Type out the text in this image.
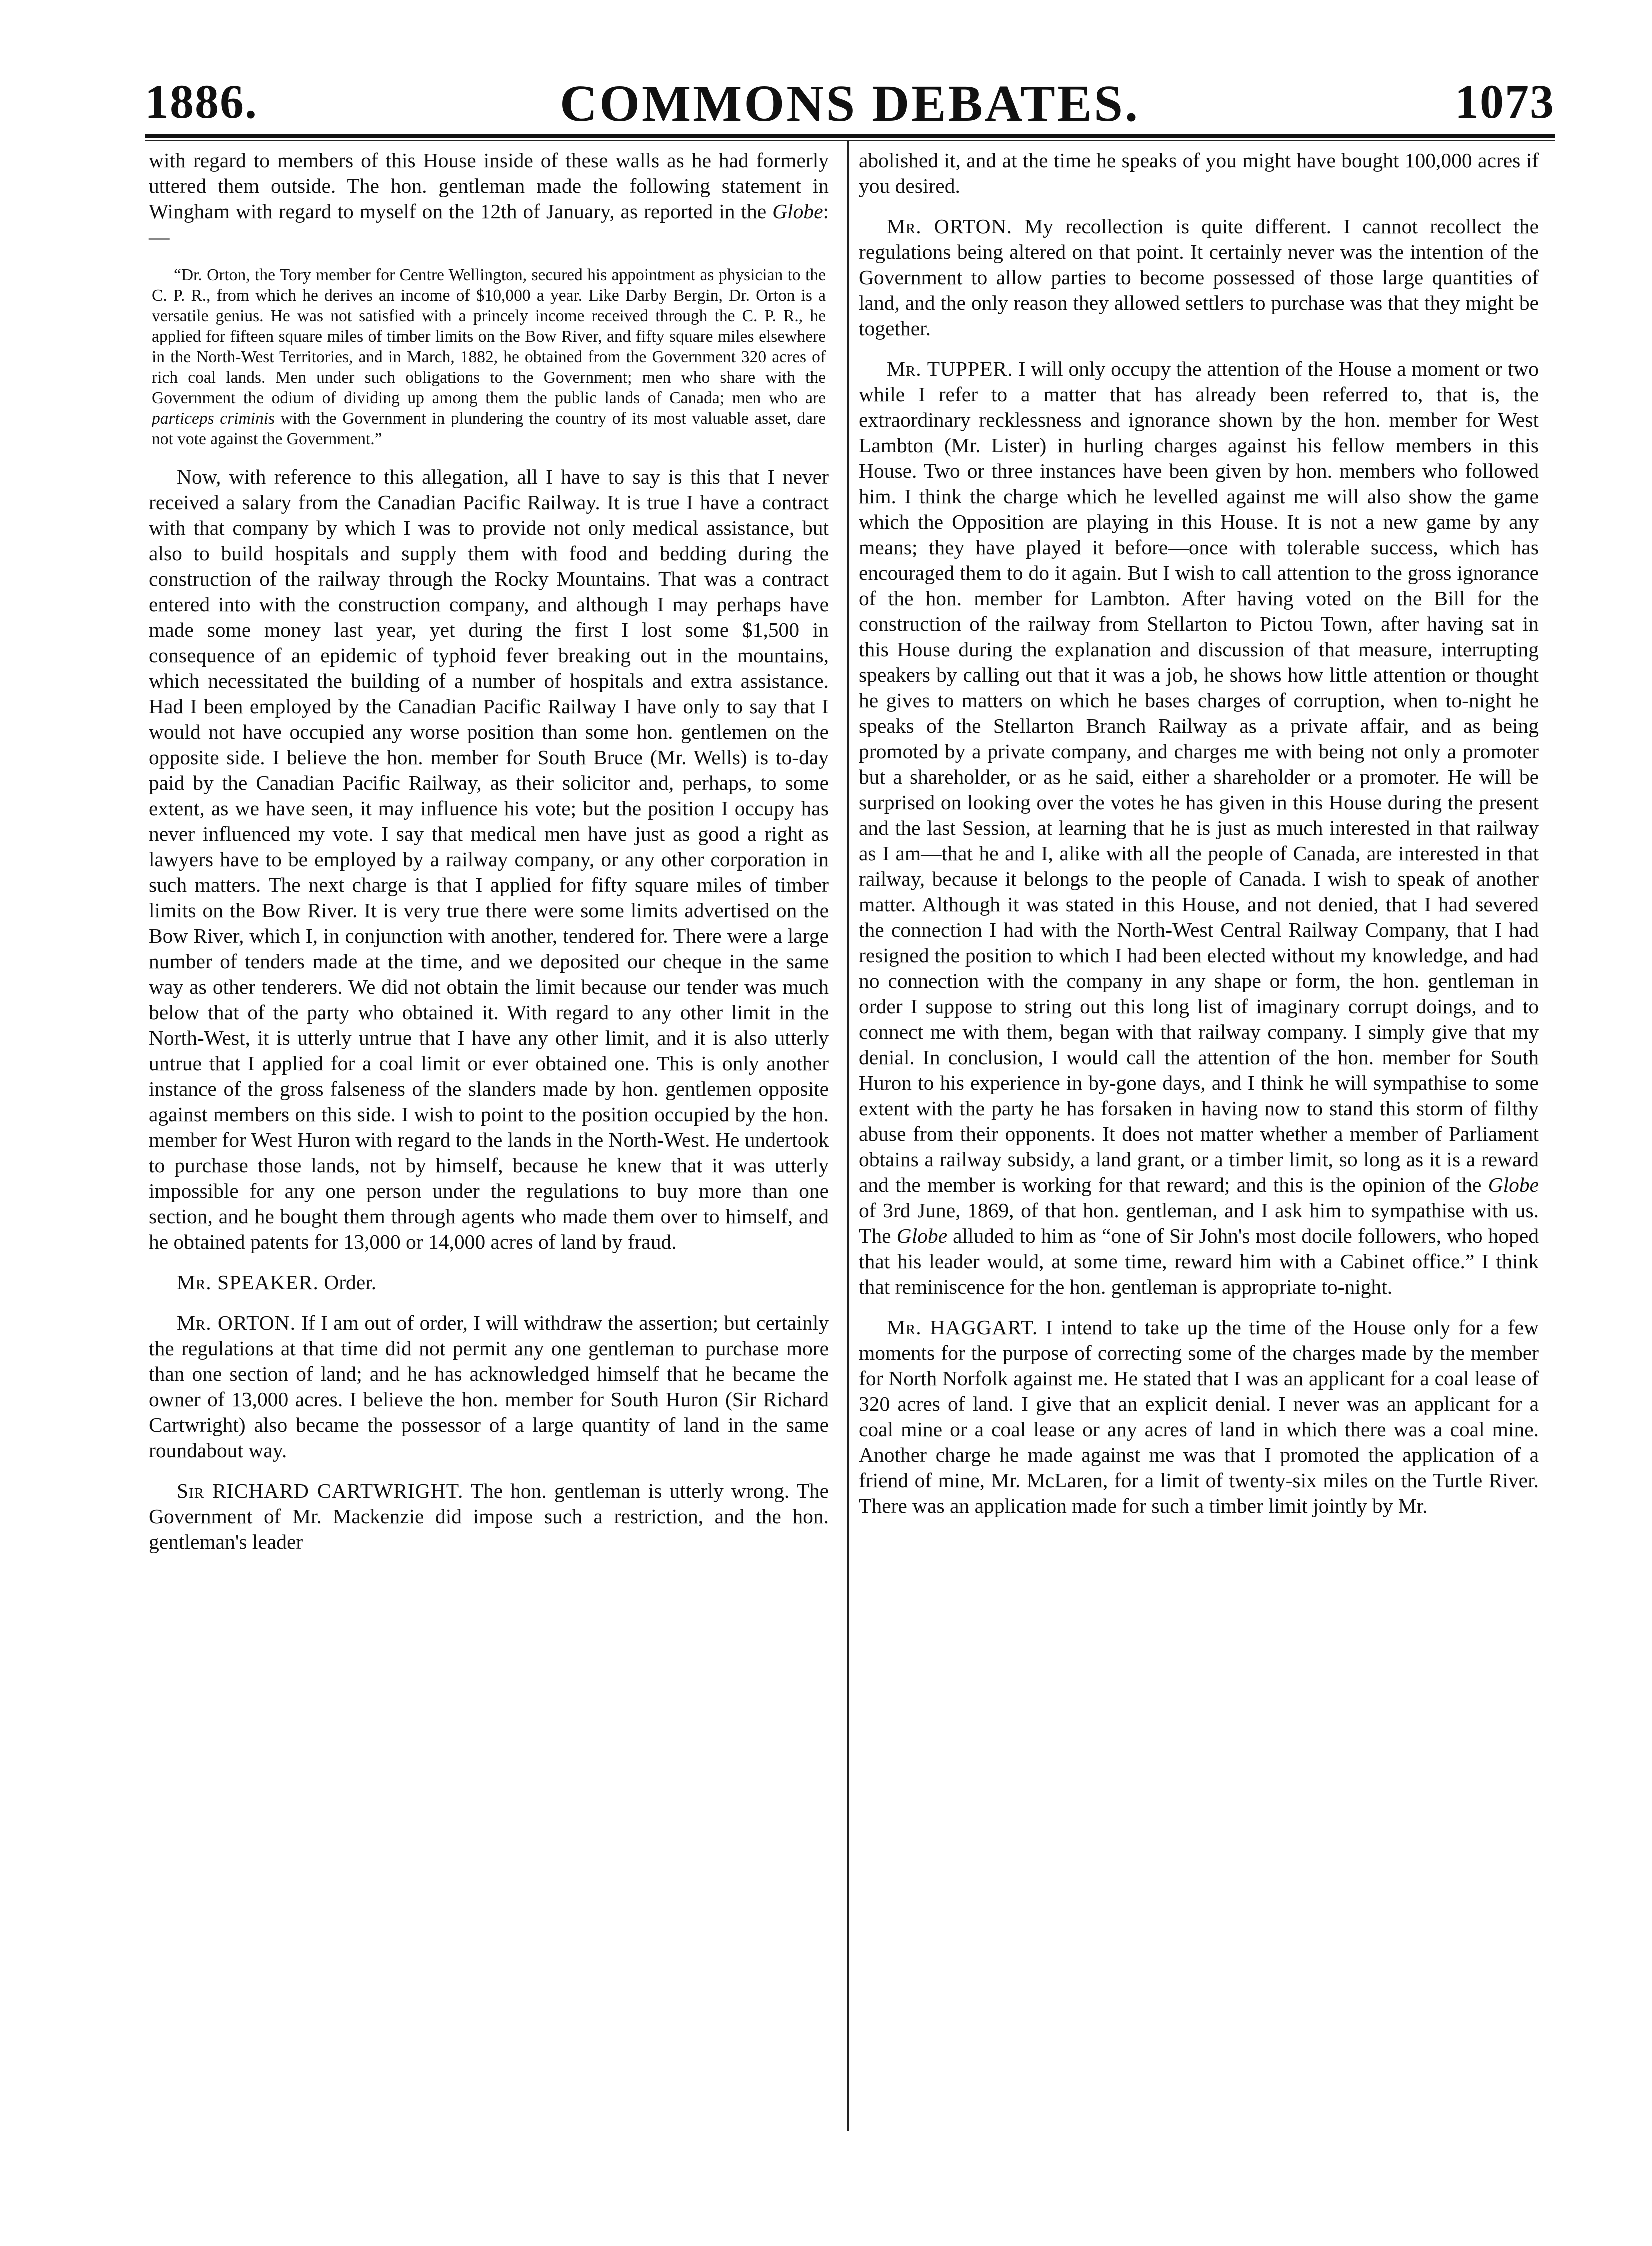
1886.	COMMONS DEBATES.	1073

with regard to members of this House inside of these walls as he had formerly uttered them outside. The hon. gentleman made the following statement in Wingham with regard to myself on the 12th of January, as reported in the Globe:—

“Dr. Orton, the Tory member for Centre Wellington, secured his appointment as physician to the C. P. R., from which he derives an income of $10,000 a year. Like Darby Bergin, Dr. Orton is a versatile genius. He was not satisfied with a princely income received through the C. P. R., he applied for fifteen square miles of timber limits on the Bow River, and fifty square miles elsewhere in the North-West Territories, and in March, 1882, he obtained from the Government 320 acres of rich coal lands. Men under such obligations to the Government; men who share with the Government the odium of dividing up among them the public lands of Canada; men who are particeps criminis with the Government in plundering the country of its most valuable asset, dare not vote against the Government.”

Now, with reference to this allegation, all I have to say is this that I never received a salary from the Canadian Pacific Railway. It is true I have a contract with that company by which I was to provide not only medical assistance, but also to build hospitals and supply them with food and bedding during the construction of the railway through the Rocky Mountains. That was a contract entered into with the construction company, and although I may perhaps have made some money last year, yet during the first I lost some $1,500 in consequence of an epidemic of typhoid fever breaking out in the mountains, which necessitated the building of a number of hospitals and extra assistance. Had I been employed by the Canadian Pacific Railway I have only to say that I would not have occupied any worse position than some hon. gentlemen on the opposite side. I believe the hon. member for South Bruce (Mr. Wells) is to-day paid by the Canadian Pacific Railway, as their solicitor and, perhaps, to some extent, as we have seen, it may influence his vote; but the position I occupy has never influenced my vote. I say that medical men have just as good a right as lawyers have to be employed by a railway company, or any other corporation in such matters. The next charge is that I applied for fifty square miles of timber limits on the Bow River. It is very true there were some limits advertised on the Bow River, which I, in conjunction with another, tendered for. There were a large number of tenders made at the time, and we deposited our cheque in the same way as other tenderers. We did not obtain the limit because our tender was much below that of the party who obtained it. With regard to any other limit in the North-West, it is utterly untrue that I have any other limit, and it is also utterly untrue that I applied for a coal limit or ever obtained one. This is only another instance of the gross falseness of the slanders made by hon. gentlemen opposite against members on this side. I wish to point to the position occupied by the hon. member for West Huron with regard to the lands in the North-West. He undertook to purchase those lands, not by himself, because he knew that it was utterly impossible for any one person under the regulations to buy more than one section, and he bought them through agents who made them over to himself, and he obtained patents for 13,000 or 14,000 acres of land by fraud.

Mr. SPEAKER. Order.

Mr. ORTON. If I am out of order, I will withdraw the assertion; but certainly the regulations at that time did not permit any one gentleman to purchase more than one section of land; and he has acknowledged himself that he became the owner of 13,000 acres. I believe the hon. member for South Huron (Sir Richard Cartwright) also became the possessor of a large quantity of land in the same roundabout way.

Sir RICHARD CARTWRIGHT. The hon. gentleman is utterly wrong. The Government of Mr. Mackenzie did impose such a restriction, and the hon. gentleman's leader

abolished it, and at the time he speaks of you might have bought 100,000 acres if you desired.

Mr. ORTON. My recollection is quite different. I cannot recollect the regulations being altered on that point. It certainly never was the intention of the Government to allow parties to become possessed of those large quantities of land, and the only reason they allowed settlers to purchase was that they might be together.

Mr. TUPPER. I will only occupy the attention of the House a moment or two while I refer to a matter that has already been referred to, that is, the extraordinary recklessness and ignorance shown by the hon. member for West Lambton (Mr. Lister) in hurling charges against his fellow members in this House. Two or three instances have been given by hon. members who followed him. I think the charge which he levelled against me will also show the game which the Opposition are playing in this House. It is not a new game by any means; they have played it before—once with tolerable success, which has encouraged them to do it again. But I wish to call attention to the gross ignorance of the hon. member for Lambton. After having voted on the Bill for the construction of the railway from Stellarton to Pictou Town, after having sat in this House during the explanation and discussion of that measure, interrupting speakers by calling out that it was a job, he shows how little attention or thought he gives to matters on which he bases charges of corruption, when to-night he speaks of the Stellarton Branch Railway as a private affair, and as being promoted by a private company, and charges me with being not only a promoter but a shareholder, or as he said, either a shareholder or a promoter. He will be surprised on looking over the votes he has given in this House during the present and the last Session, at learning that he is just as much interested in that railway as I am—that he and I, alike with all the people of Canada, are interested in that railway, because it belongs to the people of Canada. I wish to speak of another matter. Although it was stated in this House, and not denied, that I had severed the connection I had with the North-West Central Railway Company, that I had resigned the position to which I had been elected without my knowledge, and had no connection with the company in any shape or form, the hon. gentleman in order I suppose to string out this long list of imaginary corrupt doings, and to connect me with them, began with that railway company. I simply give that my denial. In conclusion, I would call the attention of the hon. member for South Huron to his experience in by-gone days, and I think he will sympathise to some extent with the party he has forsaken in having now to stand this storm of filthy abuse from their opponents. It does not matter whether a member of Parliament obtains a railway subsidy, a land grant, or a timber limit, so long as it is a reward and the member is working for that reward; and this is the opinion of the Globe of 3rd June, 1869, of that hon. gentleman, and I ask him to sympathise with us. The Globe alluded to him as “one of Sir John's most docile followers, who hoped that his leader would, at some time, reward him with a Cabinet office.” I think that reminiscence for the hon. gentleman is appropriate to-night.

Mr. HAGGART. I intend to take up the time of the House only for a few moments for the purpose of correcting some of the charges made by the member for North Norfolk against me. He stated that I was an applicant for a coal lease of 320 acres of land. I give that an explicit denial. I never was an applicant for a coal mine or a coal lease or any acres of land in which there was a coal mine. Another charge he made against me was that I promoted the application of a friend of mine, Mr. McLaren, for a limit of twenty-six miles on the Turtle River. There was an application made for such a timber limit jointly by Mr.
